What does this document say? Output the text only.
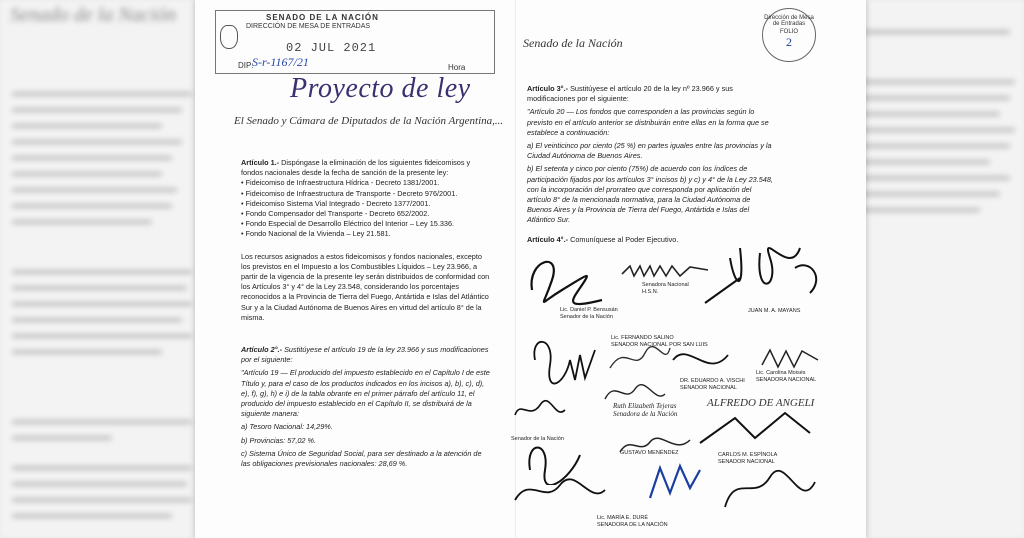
Senado de la Nación	SENADO DE LA NACIÓN
DIRECCIÓN DE MESA DE ENTRADAS
02 JUL 2021
DIP:
S-r-1167/21	Hora
Senado de la Nación
Dirección de Mesa de Entradas
FOLIO
2
Proyecto de ley
El Senado y Cámara de Diputados de la Nación Argentina,...

Artículo 1.- Dispóngase la eliminación de los siguientes fideicomisos y fondos nacionales desde la fecha de sanción de la presente ley:

• Fideicomiso de Infraestructura Hídrica - Decreto 1381/2001.
• Fideicomiso de Infraestructura de Transporte - Decreto 976/2001.
• Fideicomiso Sistema Vial Integrado - Decreto 1377/2001.
• Fondo Compensador del Transporte - Decreto 652/2002.
• Fondo Especial de Desarrollo Eléctrico del Interior – Ley 15.336.
• Fondo Nacional de la Vivienda – Ley 21.581.

Los recursos asignados a estos fideicomisos y fondos nacionales, excepto los previstos en el Impuesto a los Combustibles Líquidos – Ley 23.966, a partir de la vigencia de la presente ley serán distribuidos de conformidad con los Artículos 3° y 4° de la Ley 23.548, considerando los porcentajes reconocidos a la Provincia de Tierra del Fuego, Antártida e Islas del Atlántico Sur y a la Ciudad Autónoma de Buenos Aires en virtud del artículo 8° de la misma.

Artículo 2°.- Sustitúyese el artículo 19 de la ley 23.966 y sus modificaciones por el siguiente:

"Artículo 19 — El producido del impuesto establecido en el Capítulo I de este Título y, para el caso de los productos indicados en los incisos a), b), c), d), e), f), g), h) e i) de la tabla obrante en el primer párrafo del artículo 11, el producido del impuesto establecido en el Capítulo II, se distribuirá de la siguiente manera:

a) Tesoro Nacional: 14,29%.

b) Provincias: 57,02 %.

c) Sistema Único de Seguridad Social, para ser destinado a la atención de las obligaciones previsionales nacionales: 28,69 %.

Artículo 3°.- Sustitúyese el artículo 20 de la ley nº 23.966 y sus modificaciones por el siguiente:

"Artículo 20 — Los fondos que corresponden a las provincias según lo previsto en el artículo anterior se distribuirán entre ellas en la forma que se establece a continuación:

a) El veinticinco por ciento (25 %) en partes iguales entre las provincias y la Ciudad Autónoma de Buenos Aires.

b) El setenta y cinco por ciento (75%) de acuerdo con los índices de participación fijados por los artículos 3° incisos b) y c) y 4° de la Ley 23.548, con la incorporación del prorrateo que corresponda por aplicación del artículo 8° de la mencionada normativa, para la Ciudad Autónoma de Buenos Aires y la Provincia de Tierra del Fuego, Antártida e Islas del Atlántico Sur.

Artículo 4°.- Comuníquese al Poder Ejecutivo.

Lic. Daniel P. Bensusán
Senador de la Nación
Senadora Nacional
H.S.N.
JUAN M. A. MAYANS
Lic. FERNANDO SALINO
SENADOR NACIONAL POR SAN LUIS
Lic. Carolina Moisés
SENADORA NACIONAL
DR. EDUARDO A. VISCHI
SENADOR NACIONAL
Ruth Elizabeth Tejeras
Senadora de la Nación
ALFREDO DE ANGELI
Senador de la Nación
GUSTAVO MENÉNDEZ	CARLOS M. ESPÍNOLA
SENADOR NACIONAL
Lic. MARÍA E. DURÉ
SENADORA DE LA NACIÓN
